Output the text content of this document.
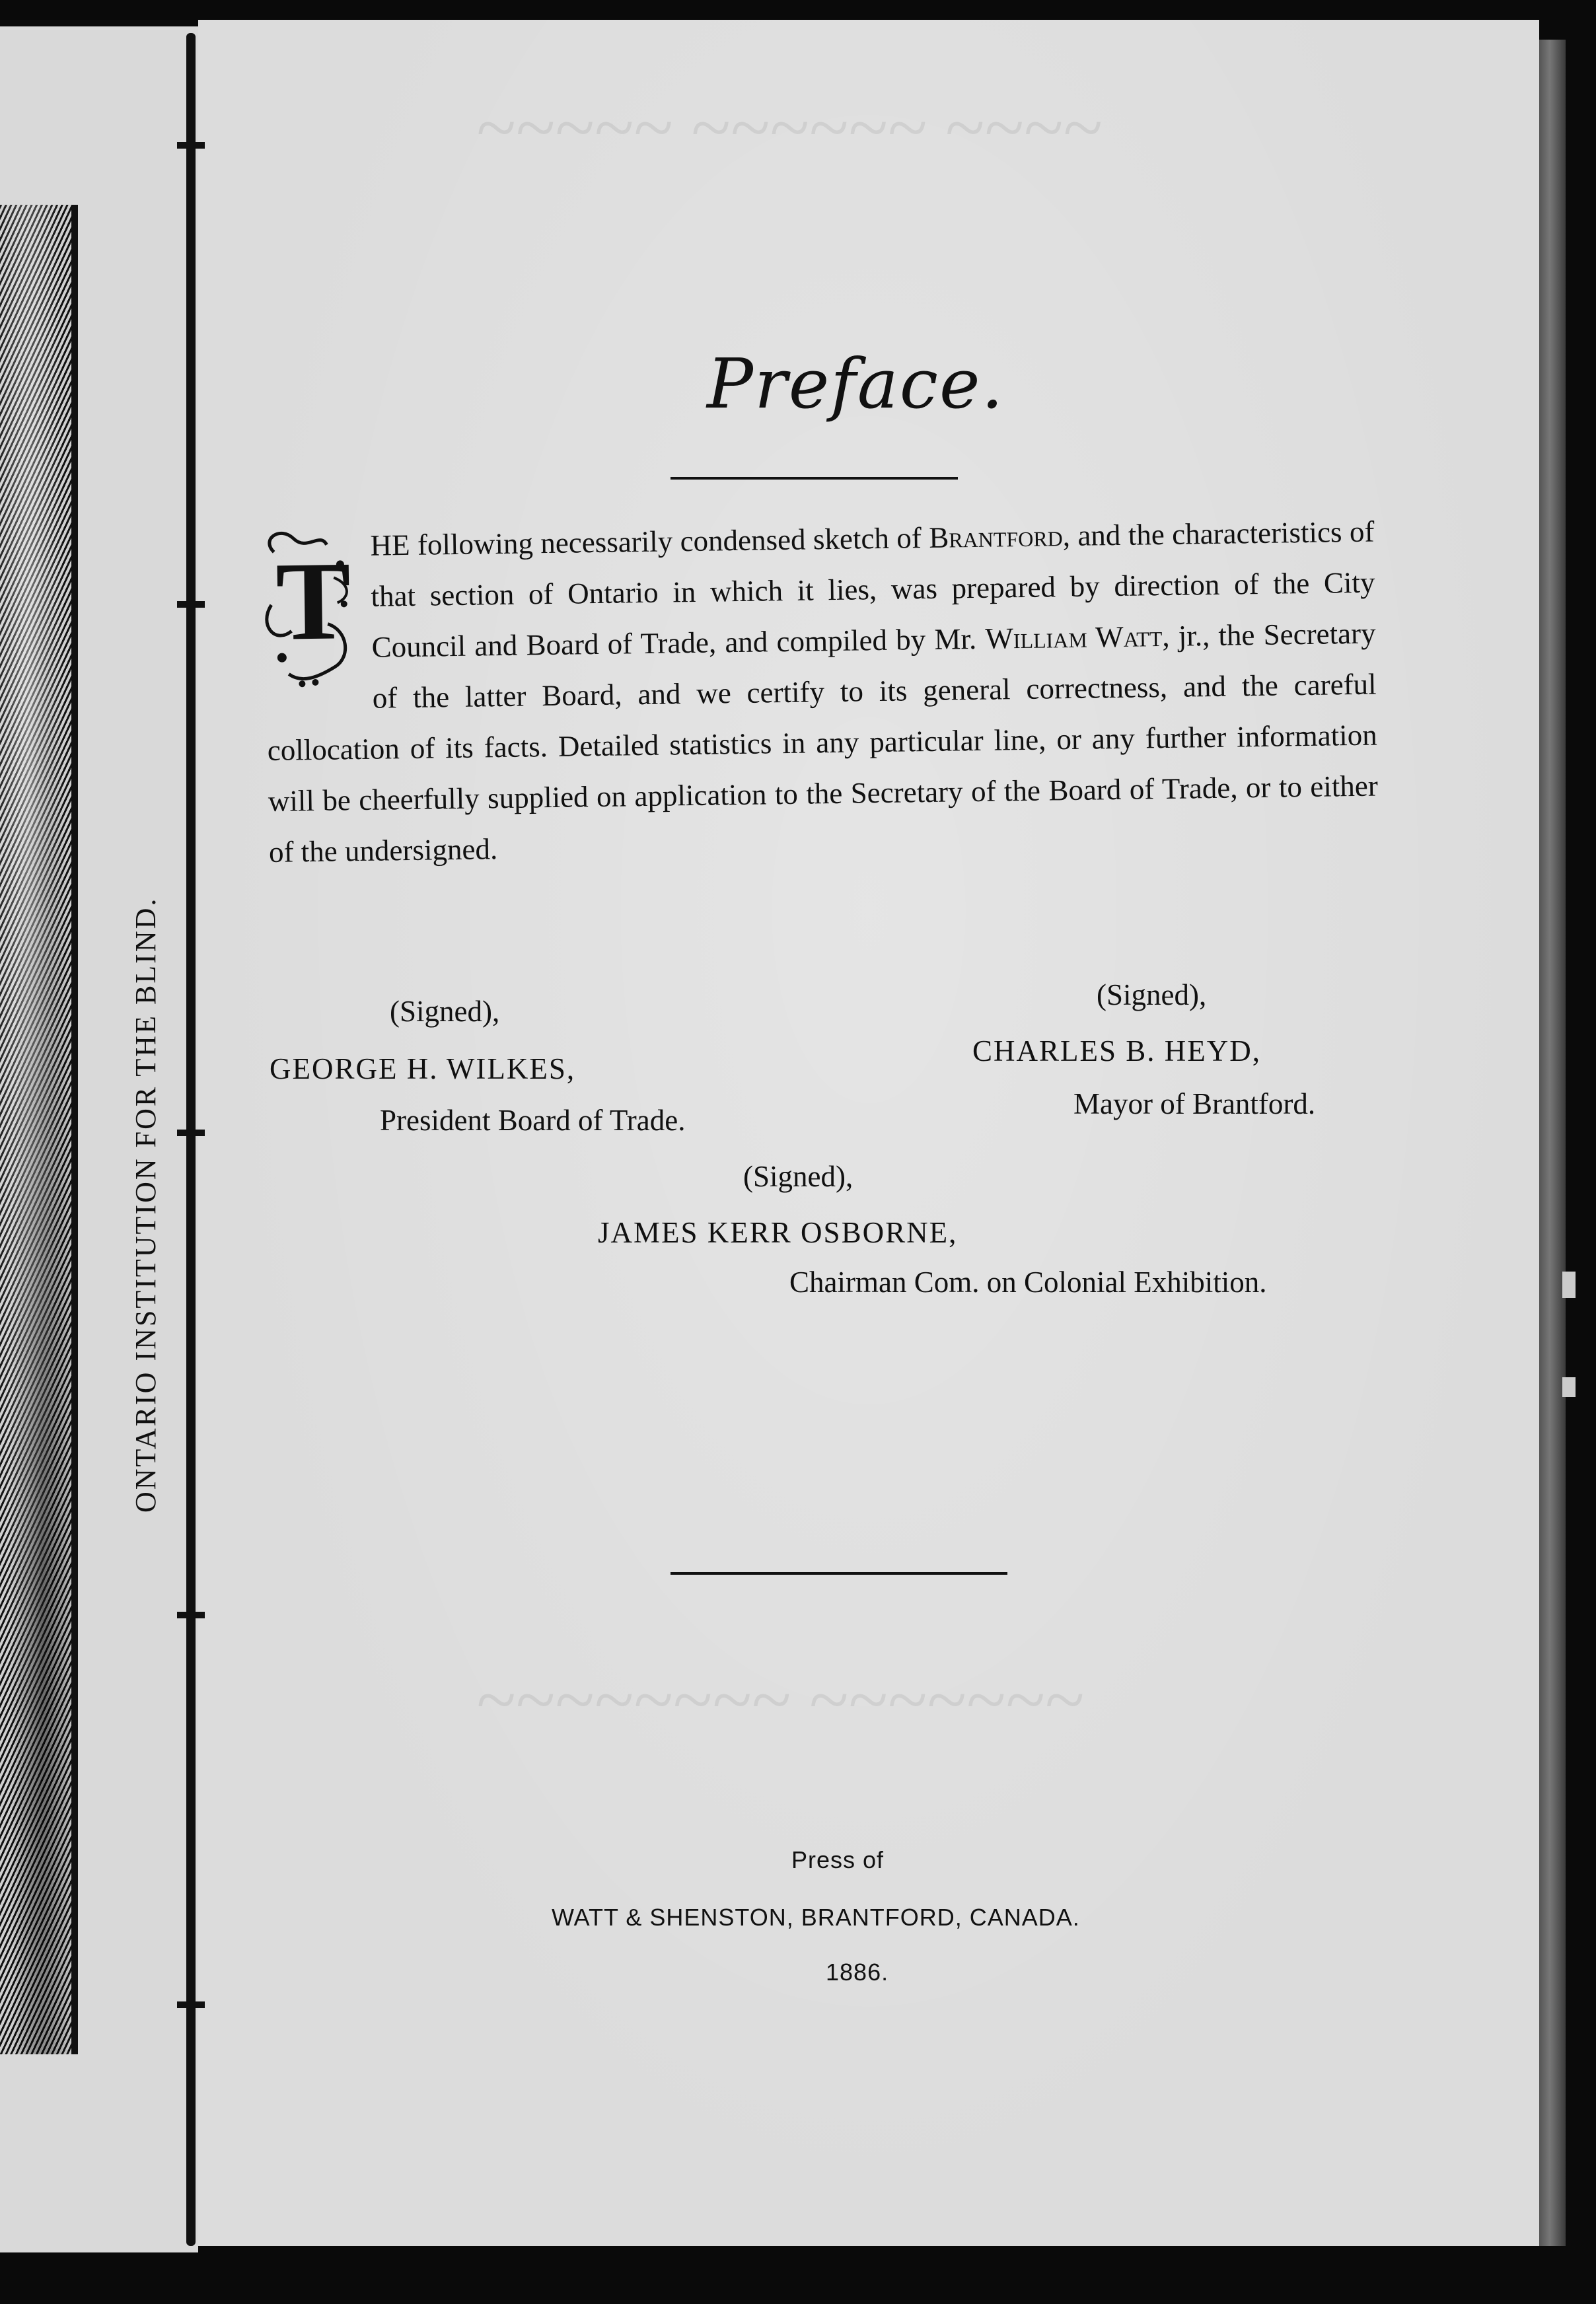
ONTARIO INSTITUTION FOR THE BLIND.
~~~~~ ~~~~~~ ~~~~
~~~~~~~~ ~~~~~~~
Preface.
T HE following necessarily condensed sketch of Brantford, and the characteristics of that section of Ontario in which it lies, was prepared by direction of the City Council and Board of Trade, and compiled by Mr. William Watt, jr., the Secretary of the latter Board, and we certify to its general correctness, and the careful collocation of its facts. Detailed statistics in any particular line, or any further information will be cheerfully supplied on application to the Secretary of the Board of Trade, or to either of the undersigned.
(Signed),
GEORGE H. WILKES,
President Board of Trade.
(Signed),
CHARLES B. HEYD,
Mayor of Brantford.
(Signed),
JAMES KERR OSBORNE,
Chairman Com. on Colonial Exhibition.
Press of
WATT & SHENSTON, BRANTFORD, CANADA.
1886.
